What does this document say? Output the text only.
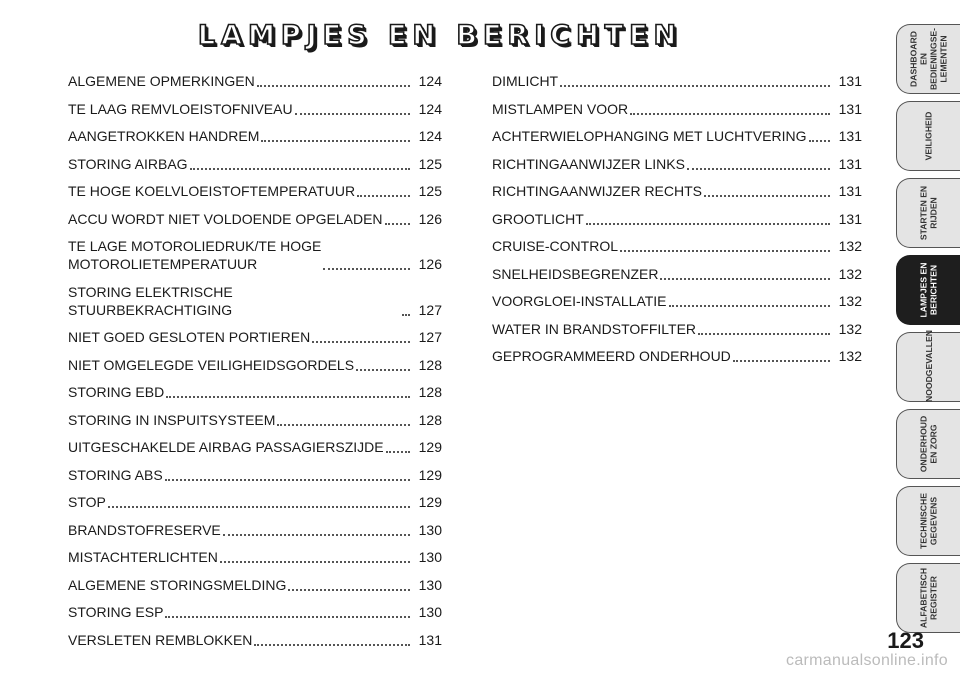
LAMPJES EN BERICHTEN
ALGEMENE OPMERKINGEN	124
TE LAAG REMVLOEISTOFNIVEAU	124
AANGETROKKEN HANDREM	124
STORING AIRBAG	125
TE HOGE KOELVLOEISTOFTEMPERATUUR	125
ACCU WORDT NIET VOLDOENDE OPGELADEN	126
TE LAGE MOTOROLIEDRUK/TE HOGE
MOTOROLIETEMPERATUUR	126
STORING ELEKTRISCHE STUURBEKRACHTIGING	127
NIET GOED GESLOTEN PORTIEREN	127
NIET OMGELEGDE VEILIGHEIDSGORDELS	128
STORING EBD	128
STORING IN INSPUITSYSTEEM	128
UITGESCHAKELDE AIRBAG PASSAGIERSZIJDE	129
STORING ABS	129
STOP	129
BRANDSTOFRESERVE	130
MISTACHTERLICHTEN	130
ALGEMENE STORINGSMELDING	130
STORING ESP	130
VERSLETEN REMBLOKKEN	131
DIMLICHT	131
MISTLAMPEN VOOR	131
ACHTERWIELOPHANGING MET LUCHTVERING	131
RICHTINGAANWIJZER LINKS	131
RICHTINGAANWIJZER RECHTS	131
GROOTLICHT	131
CRUISE-CONTROL	132
SNELHEIDSBEGRENZER	132
VOORGLOEI-INSTALLATIE	132
WATER IN BRANDSTOFFILTER	132
GEPROGRAMMEERD ONDERHOUD	132
DASHBOARD EN
BEDIENINGSE-
LEMENTEN
VEILIGHEID
STARTEN EN
RIJDEN
LAMPJES EN
BERICHTEN
NOODGEVALLEN
ONDERHOUD
EN ZORG
TECHNISCHE
GEGEVENS
ALFABETISCH
REGISTER
123
carmanualsonline.info
